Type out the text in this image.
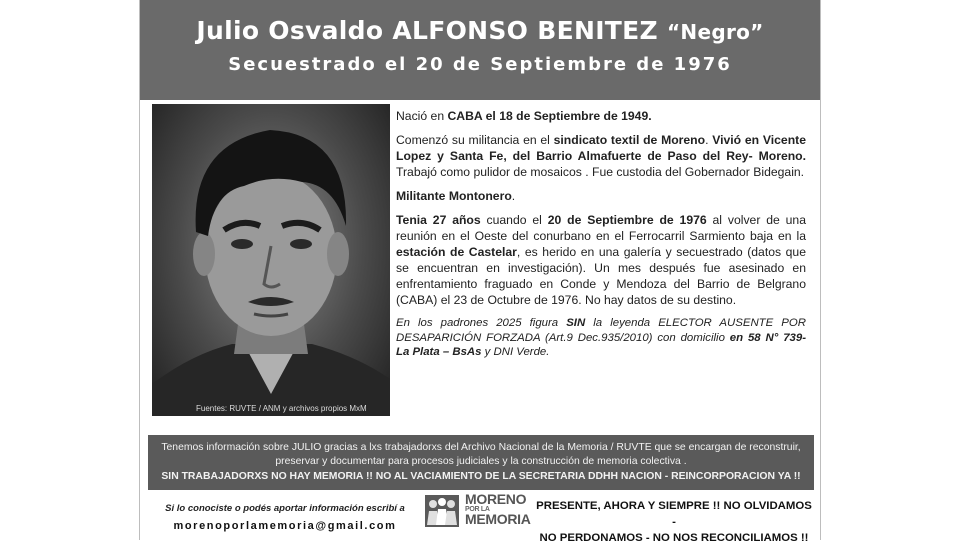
Julio Osvaldo ALFONSO BENITEZ “Negro”
Secuestrado el 20 de Septiembre de 1976
Fuentes: RUVTE / ANM y archivos propios MxM

Nació en CABA el 18 de Septiembre de 1949.

Comenzó su militancia en el sindicato textil de Moreno. Vivió en Vicente Lopez y Santa Fe, del Barrio Almafuerte de Paso del Rey- Moreno. Trabajó como pulidor de mosaicos . Fue custodia del Gobernador Bidegain.

Militante Montonero.

Tenia 27 años cuando el 20 de Septiembre de 1976 al volver de una reunión en el Oeste del conurbano en el Ferrocarril Sarmiento baja en la estación de Castelar, es herido en una galería y secuestrado (datos que se encuentran en investigación). Un mes después fue asesinado en enfrentamiento fraguado en Conde y Mendoza del Barrio de Belgrano (CABA) el 23 de Octubre de 1976. No hay datos de su destino.

En los padrones 2025 figura SIN la leyenda ELECTOR AUSENTE POR DESAPARICIÓN FORZADA (Art.9 Dec.935/2010) con domicilio en 58 N° 739- La Plata – BsAs y DNI Verde.

Tenemos información sobre JULIO gracias a lxs trabajadorxs del Archivo Nacional de la Memoria / RUVTE que se encargan de reconstruir, preservar y documentar para procesos judiciales y la construcción de memoria colectiva .
SIN TRABAJADORXS NO HAY MEMORIA !! NO AL VACIAMIENTO DE LA SECRETARIA DDHH NACION - REINCORPORACION YA !!
Si lo conociste o podés aportar información escribí a
morenoporlamemoria@gmail.com
MORENO
POR LA
MEMORIA
PRESENTE, AHORA Y SIEMPRE !! NO OLVIDAMOS -
NO PERDONAMOS - NO NOS RECONCILIAMOS !!
